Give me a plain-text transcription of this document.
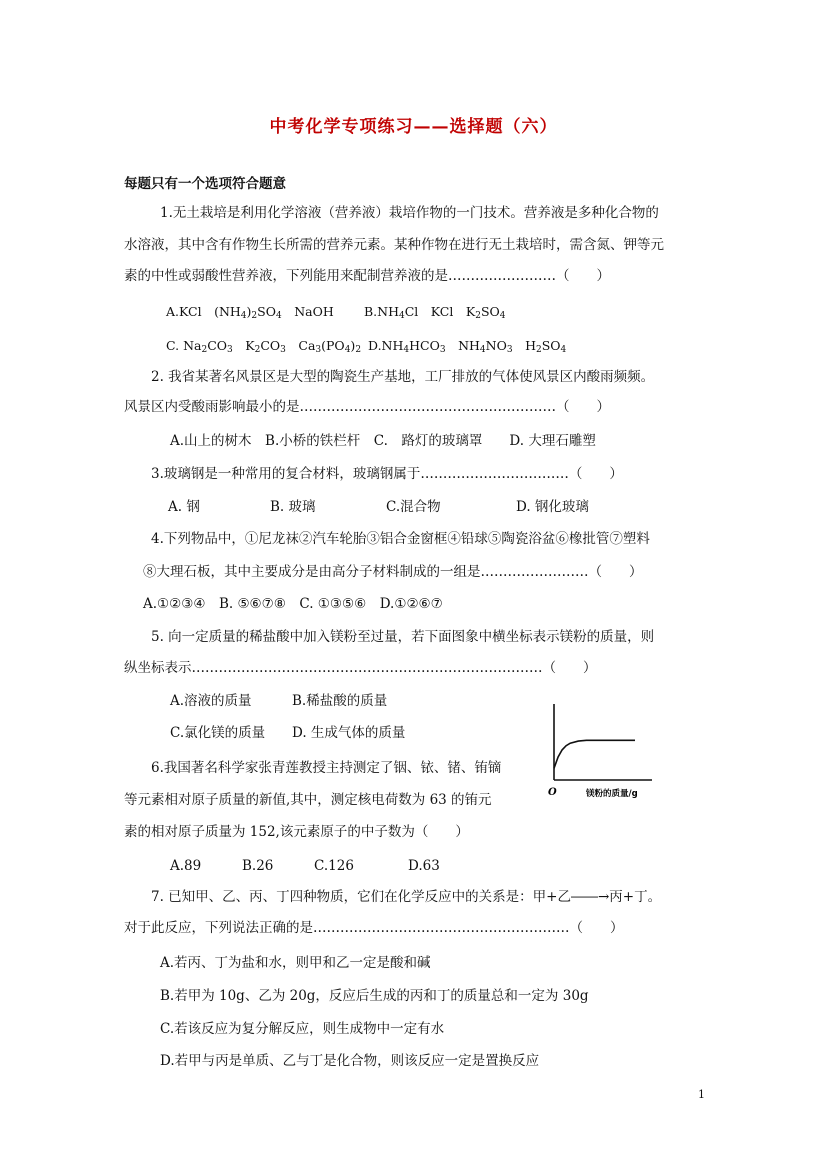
中考化学专项练习——选择题（六）
每题只有一个选项符合题意
1.无土栽培是利用化学溶液（营养液）栽培作物的一门技术。营养液是多种化合物的
水溶液，其中含有作物生长所需的营养元素。某种作物在进行无土栽培时，需含氮、钾等元
素的中性或弱酸性营养液，下列能用来配制营养液的是……………………（　　）
A.KCl　$(NH_4)_2SO_4$　NaOH $B.NH_4Cl$　KCl　$K_2SO_4$
C. $Na_2CO_3$　$K_2CO_3$　$Ca_3(PO_4)_2$ $D.NH_4HCO_3$　$NH_4NO_3$　$H_2SO_4$
2. 我省某著名风景区是大型的陶瓷生产基地，工厂排放的气体使风景区内酸雨频频。
风景区内受酸雨影响最小的是…………………………………………………（　　）
A.山上的树木　B.小桥的铁栏杆　C.　路灯的玻璃罩　　D. 大理石雕塑
3.玻璃钢是一种常用的复合材料，玻璃钢属于……………………………（　　）
A. 钢	B. 玻璃	C.混合物	D. 钢化玻璃
4.下列物品中，①尼龙袜②汽车轮胎③铝合金窗框④铅球⑤陶瓷浴盆⑥橡批管⑦塑料
⑧大理石板，其中主要成分是由高分子材料制成的一组是……………………（　　）
A.①②③④　B. ⑤⑥⑦⑧　C. ①③⑤⑥　D.①②⑥⑦
5. 向一定质量的稀盐酸中加入镁粉至过量，若下面图象中横坐标表示镁粉的质量，则
纵坐标表示……………………………………………………………………（　　）
A.溶液的质量	B.稀盐酸的质量
C.氯化镁的质量 D. 生成气体的质量
O	镁粉的质量/g
6.我国著名科学家张青莲教授主持测定了铟、铱、锗、铕镝
等元素相对原子质量的新值,其中，测定核电荷数为 63 的铕元
素的相对原子质量为 152,该元素原子的中子数为（　　）
A.89	B.26	C.126	D.63
7. 已知甲、乙、丙、丁四种物质，它们在化学反应中的关系是：甲+乙――→丙+丁。
对于此反应，下列说法正确的是…………………………………………………（　　）
A.若丙、丁为盐和水，则甲和乙一定是酸和碱
B.若甲为 10g、乙为 20g，反应后生成的丙和丁的质量总和一定为 30g
C.若该反应为复分解反应，则生成物中一定有水
D.若甲与丙是单质、乙与丁是化合物，则该反应一定是置换反应
1
